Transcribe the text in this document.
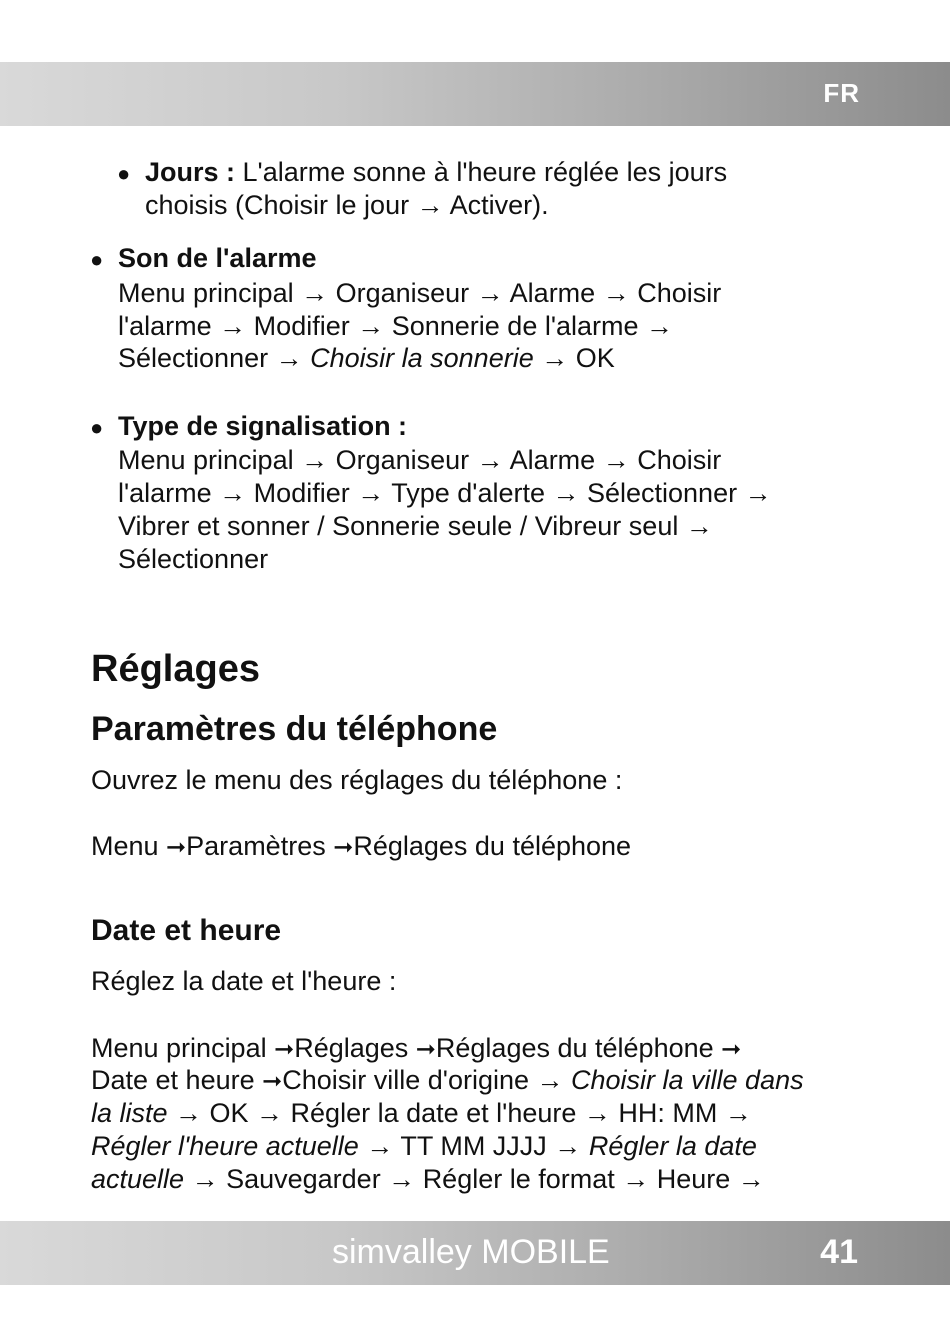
FR
● Jours : L'alarme sonne à l'heure réglée les jours

choisis (Choisir le jour → Activer).

● Son de l'alarme

Menu principal → Organiseur → Alarme → Choisir

l'alarme → Modifier → Sonnerie de l'alarme →

Sélectionner → Choisir la sonnerie → OK

● Type de signalisation :

Menu principal → Organiseur → Alarme → Choisir

l'alarme → Modifier → Type d'alerte → Sélectionner →

Vibrer et sonner / Sonnerie seule / Vibreur seul →

Sélectionner

Réglages
Paramètres du téléphone

Ouvrez le menu des réglages du téléphone :

Menu ➞Paramètres ➞Réglages du téléphone

Date et heure

Réglez la date et l'heure :

Menu principal ➞Réglages ➞Réglages du téléphone ➞

Date et heure ➞Choisir ville d'origine → Choisir la ville dans

la liste → OK → Régler la date et l'heure → HH: MM →

Régler l'heure actuelle → TT MM JJJJ → Régler la date

actuelle → Sauvegarder → Régler le format → Heure →

simvalley MOBILE	41
